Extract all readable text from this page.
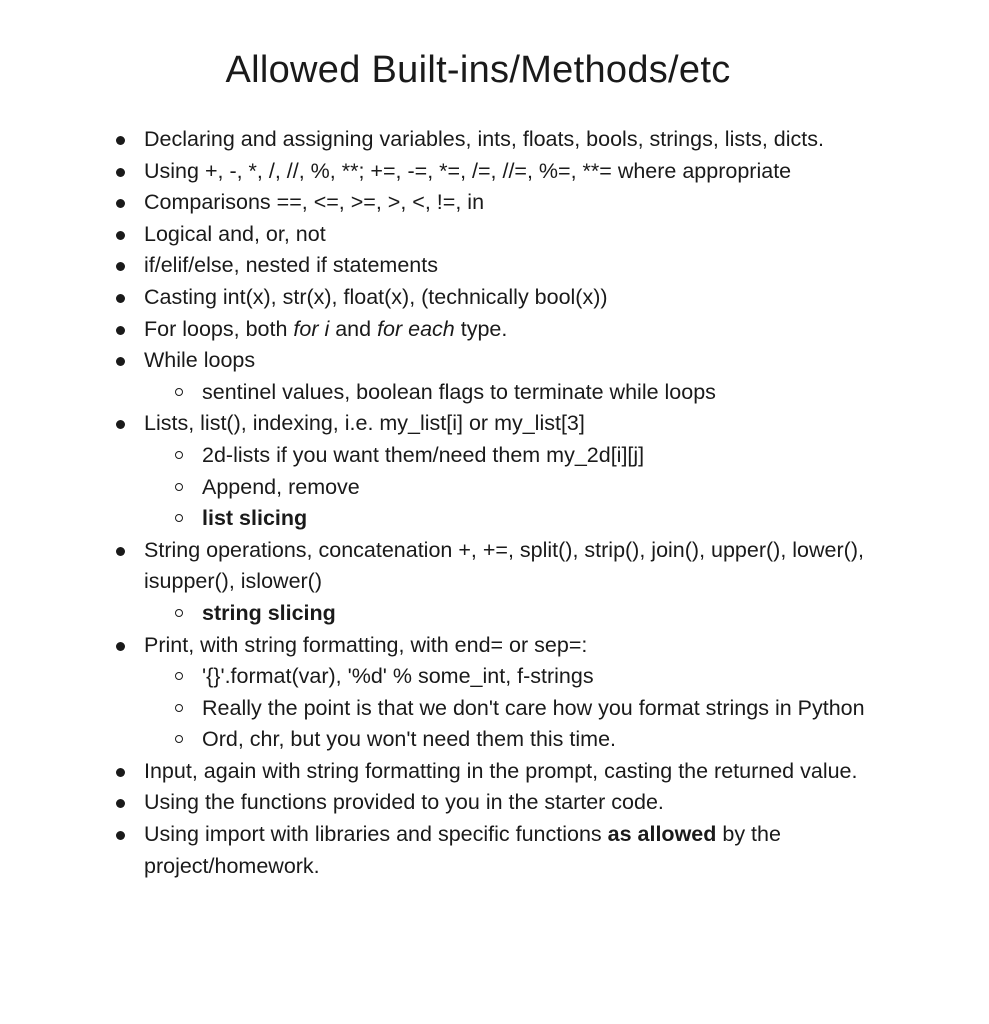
Allowed Built-ins/Methods/etc
Declaring and assigning variables, ints, floats, bools, strings, lists, dicts.
Using +, -, *, /, //, %, **; +=, -=, *=, /=, //=, %=, **= where appropriate
Comparisons ==, <=, >=, >, <, !=, in
Logical and, or, not
if/elif/else, nested if statements
Casting int(x), str(x), float(x), (technically bool(x))
For loops, both for i and for each type.
While loops
sentinel values, boolean flags to terminate while loops
Lists, list(), indexing, i.e. my_list[i] or my_list[3]
2d-lists if you want them/need them my_2d[i][j]
Append, remove
list slicing
String operations, concatenation +, +=, split(), strip(), join(), upper(), lower(), isupper(), islower()
string slicing
Print, with string formatting, with end= or sep=:
'{}'.format(var), '%d' % some_int, f-strings
Really the point is that we don't care how you format strings in Python
Ord, chr, but you won't need them this time.
Input, again with string formatting in the prompt, casting the returned value.
Using the functions provided to you in the starter code.
Using import with libraries and specific functions as allowed by the project/homework.
